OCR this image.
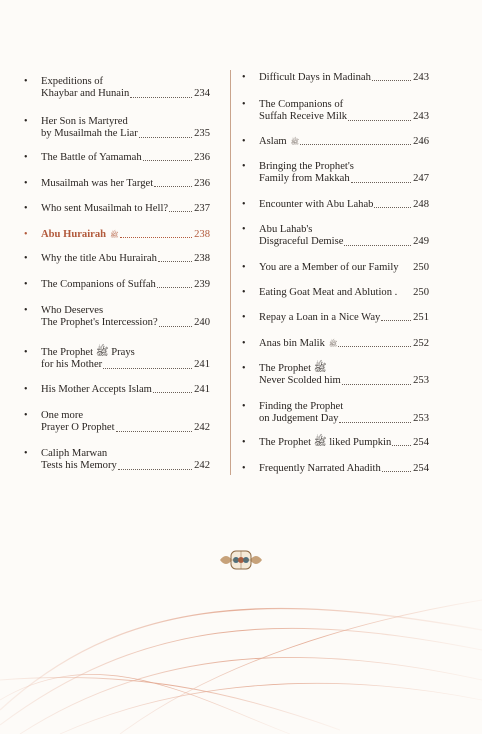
• Expeditions of
Khaybar and Hunain	234
• Her Son is Martyred
by Musailmah the Liar	235
• The Battle of Yamamah	236
• Musailmah was her Target	236
• Who sent Musailmah to Hell? 237
• Abu Hurairah ﷺ	238
• Why the title Abu Hurairah	238
• The Companions of Suffah	239
• Who Deserves
The Prophet's Intercession?	240
• The Prophet ﷺ Prays
for his Mother	241
• His Mother Accepts Islam	241
• One more
Prayer O Prophet	242
• Caliph Marwan
Tests his Memory	242
• Difficult Days in Madinah	243
• The Companions of
Suffah Receive Milk	243
• Aslam ﷺ	246
• Bringing the Prophet's
Family from Makkah	247
• Encounter with Abu Lahab	248
• Abu Lahab's
Disgraceful Demise	249
• You are a Member of our Family 250
• Eating Goat Meat and Ablution . 250
• Repay a Loan in a Nice Way	251
• Anas bin Malik ﷺ	252
• The Prophet ﷺ
Never Scolded him	253
• Finding the Prophet
on Judgement Day	253
• The Prophet ﷺ liked Pumpkin 254
• Frequently Narrated Ahadith	254
